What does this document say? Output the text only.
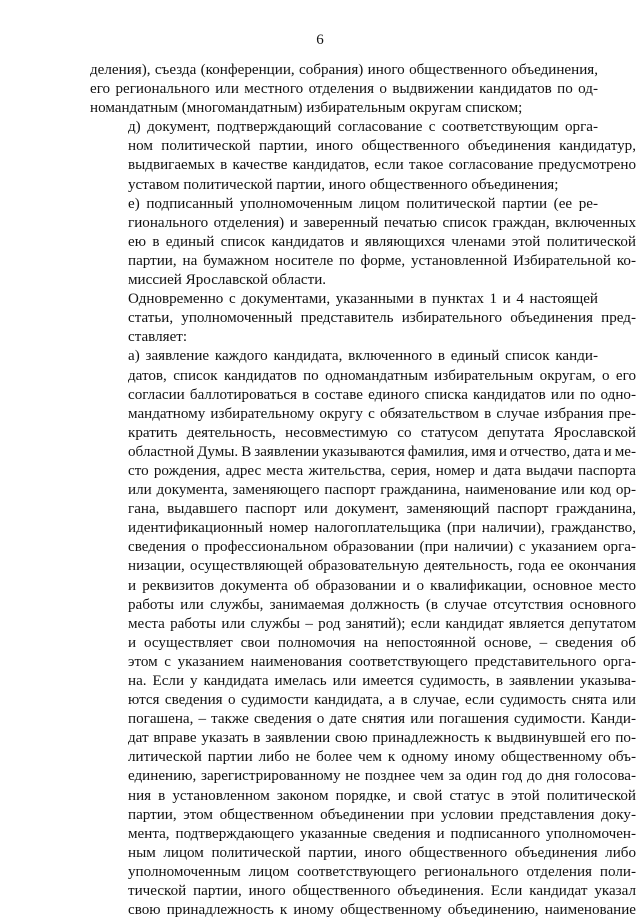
6

деления), съезда (конференции, собрания) иного общественного объединения,
его регионального или местного отделения о выдвижении кандидатов по од-
номандатным (многомандатным) избирательным округам списком;

д) документ, подтверждающий согласование с соответствующим орга-
ном политической партии, иного общественного объединения кандидатур,
выдвигаемых в качестве кандидатов, если такое согласование предусмотрено
уставом политической партии, иного общественного объединения;

е) подписанный уполномоченным лицом политической партии (ее ре-
гионального отделения) и заверенный печатью список граждан, включенных
ею в единый список кандидатов и являющихся членами этой политической
партии, на бумажном носителе по форме, установленной Избирательной ко-
миссией Ярославской области.

Одновременно с документами, указанными в пунктах 1 и 4 настоящей
статьи, уполномоченный представитель избирательного объединения пред-
ставляет:

а) заявление каждого кандидата, включенного в единый список канди-
датов, список кандидатов по одномандатным избирательным округам, о его
согласии баллотироваться в составе единого списка кандидатов или по одно-
мандатному избирательному округу с обязательством в случае избрания пре-
кратить деятельность, несовместимую со статусом депутата Ярославской
областной Думы. В заявлении указываются фамилия, имя и отчество, дата и ме-
сто рождения, адрес места жительства, серия, номер и дата выдачи паспорта
или документа, заменяющего паспорт гражданина, наименование или код ор-
гана, выдавшего паспорт или документ, заменяющий паспорт гражданина,
идентификационный номер налогоплательщика (при наличии), гражданство,
сведения о профессиональном образовании (при наличии) с указанием орга-
низации, осуществляющей образовательную деятельность, года ее окончания
и реквизитов документа об образовании и о квалификации, основное место
работы или службы, занимаемая должность (в случае отсутствия основного
места работы или службы – род занятий); если кандидат является депутатом
и осуществляет свои полномочия на непостоянной основе, – сведения об
этом с указанием наименования соответствующего представительного орга-
на. Если у кандидата имелась или имеется судимость, в заявлении указыва-
ются сведения о судимости кандидата, а в случае, если судимость снята или
погашена, – также сведения о дате снятия или погашения судимости. Канди-
дат вправе указать в заявлении свою принадлежность к выдвинувшей его по-
литической партии либо не более чем к одному иному общественному объ-
единению, зарегистрированному не позднее чем за один год до дня голосова-
ния в установленном законом порядке, и свой статус в этой политической
партии, этом общественном объединении при условии представления доку-
мента, подтверждающего указанные сведения и подписанного уполномочен-
ным лицом политической партии, иного общественного объединения либо
уполномоченным лицом соответствующего регионального отделения поли-
тической партии, иного общественного объединения. Если кандидат указал
свою принадлежность к иному общественному объединению, наименование
